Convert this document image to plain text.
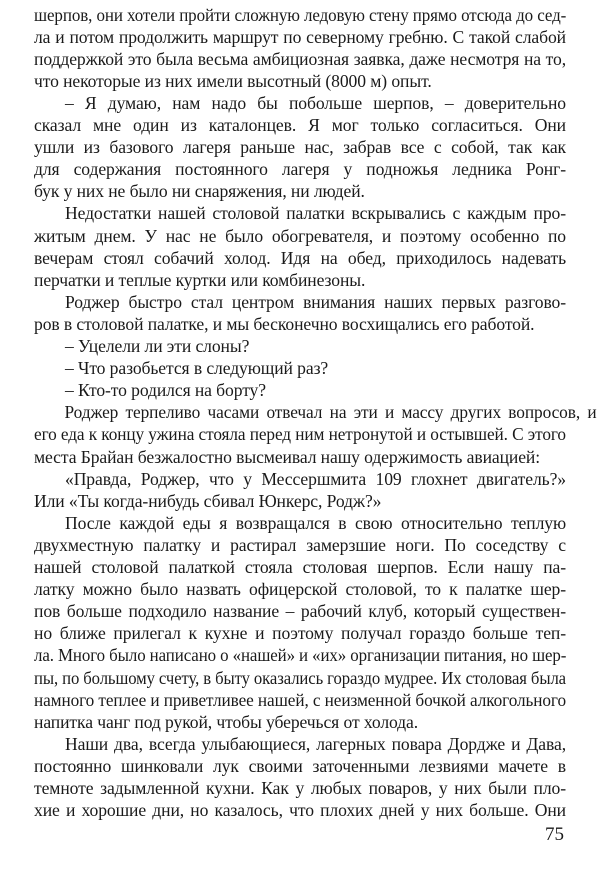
шерпов, они хотели пройти сложную ледовую стену прямо отсюда до сед-
ла и потом продолжить маршрут по северному гребню. С такой слабой
поддержкой это была весьма амбициозная заявка, даже несмотря на то,
что некоторые из них имели высотный (8000 м) опыт.
– Я думаю, нам надо бы побольше шерпов, – доверительно
сказал мне один из каталонцев. Я мог только согласиться. Они
ушли из базового лагеря раньше нас, забрав все с собой, так как
для содержания постоянного лагеря у подножья ледника Ронг-
бук у них не было ни снаряжения, ни людей.
Недостатки нашей столовой палатки вскрывались с каждым про-
житым днем. У нас не было обогревателя, и поэтому особенно по
вечерам стоял собачий холод. Идя на обед, приходилось надевать
перчатки и теплые куртки или комбинезоны.
Роджер быстро стал центром внимания наших первых разгово-
ров в столовой палатке, и мы бесконечно восхищались его работой.
– Уцелели ли эти слоны?
– Что разобьется в следующий раз?
– Кто-то родился на борту?
Роджер терпеливо часами отвечал на эти и массу других вопросов, и
его еда к концу ужина стояла перед ним нетронутой и остывшей. С этого
места Брайан безжалостно высмеивал нашу одержимость авиацией:
«Правда, Роджер, что у Мессершмита 109 глохнет двигатель?»
Или «Ты когда-нибудь сбивал Юнкерс, Родж?»
После каждой еды я возвращался в свою относительно теплую
двухместную палатку и растирал замерзшие ноги. По соседству с
нашей столовой палаткой стояла столовая шерпов. Если нашу па-
латку можно было назвать офицерской столовой, то к палатке шер-
пов больше подходило название – рабочий клуб, который существен-
но ближе прилегал к кухне и поэтому получал гораздо больше теп-
ла. Много было написано о «нашей» и «их» организации питания, но шер-
пы, по большому счету, в быту оказались гораздо мудрее. Их столовая была
намного теплее и приветливее нашей, с неизменной бочкой алкогольного
напитка чанг под рукой, чтобы уберечься от холода.
Наши два, всегда улыбающиеся, лагерных повара Дордже и Дава,
постоянно шинковали лук своими заточенными лезвиями мачете в
темноте задымленной кухни. Как у любых поваров, у них были пло-
хие и хорошие дни, но казалось, что плохих дней у них больше. Они
75
